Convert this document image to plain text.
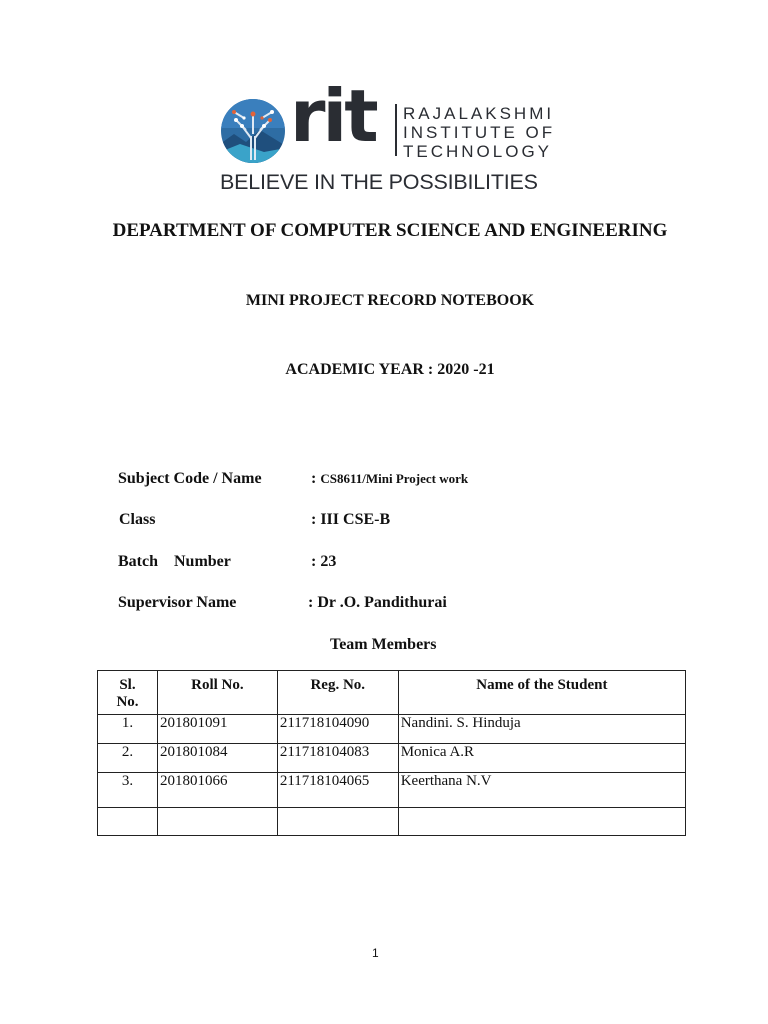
rit RAJALAKSHMI
INSTITUTE OF
TECHNOLOGY
BELIEVE IN THE POSSIBILITIES
DEPARTMENT OF COMPUTER SCIENCE AND ENGINEERING
MINI PROJECT RECORD NOTEBOOK
ACADEMIC YEAR : 2020 -21
Subject Code / Name	: CS8611/Mini Project work
Class	: III CSE-B
Batch    Number	: 23
Supervisor Name	: Dr .O. Pandithurai
Team Members
Sl. No.	Roll No.	Reg. No.	Name of the Student
1.	201801091	211718104090	Nandini. S. Hinduja
2.	201801084	211718104083	Monica A.R
3.	201801066	211718104065	Keerthana N.V

1
